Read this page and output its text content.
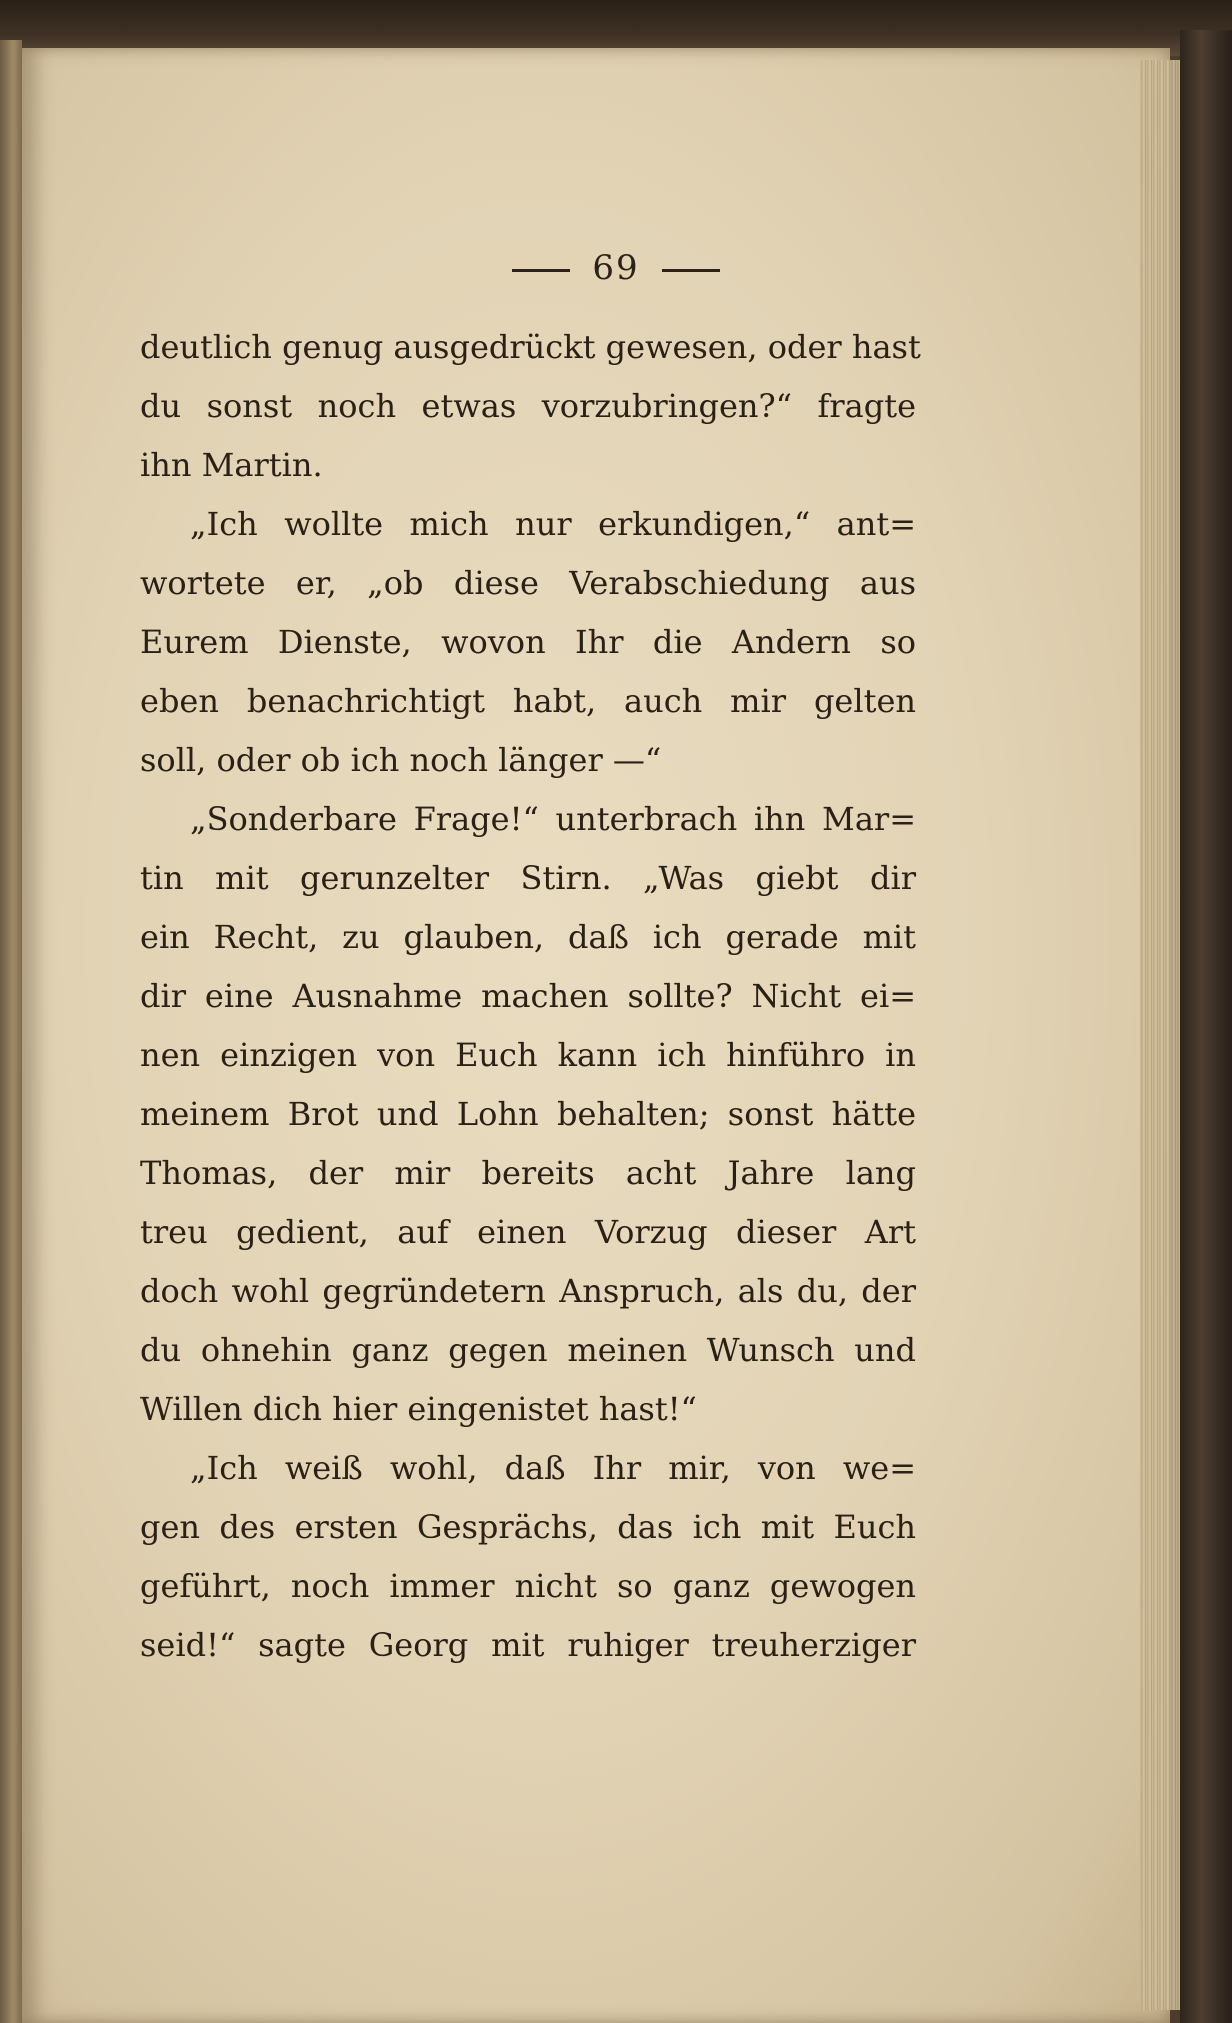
69
deutlich genug ausgedrückt gewesen, oder hast
du sonst noch etwas vorzubringen?“ fragte
ihn Martin.
„Ich wollte mich nur erkundigen,“ ant=
wortete er, „ob diese Verabschiedung aus
Eurem Dienste, wovon Ihr die Andern so
eben benachrichtigt habt, auch mir gelten
soll, oder ob ich noch länger —“
„Sonderbare Frage!“ unterbrach ihn Mar=
tin mit gerunzelter Stirn. „Was giebt dir
ein Recht, zu glauben, daß ich gerade mit
dir eine Ausnahme machen sollte? Nicht ei=
nen einzigen von Euch kann ich hinführo in
meinem Brot und Lohn behalten; sonst hätte
Thomas, der mir bereits acht Jahre lang
treu gedient, auf einen Vorzug dieser Art
doch wohl gegründetern Anspruch, als du, der
du ohnehin ganz gegen meinen Wunsch und
Willen dich hier eingenistet hast!“
„Ich weiß wohl, daß Ihr mir, von we=
gen des ersten Gesprächs, das ich mit Euch
geführt, noch immer nicht so ganz gewogen
seid!“ sagte Georg mit ruhiger treuherziger
